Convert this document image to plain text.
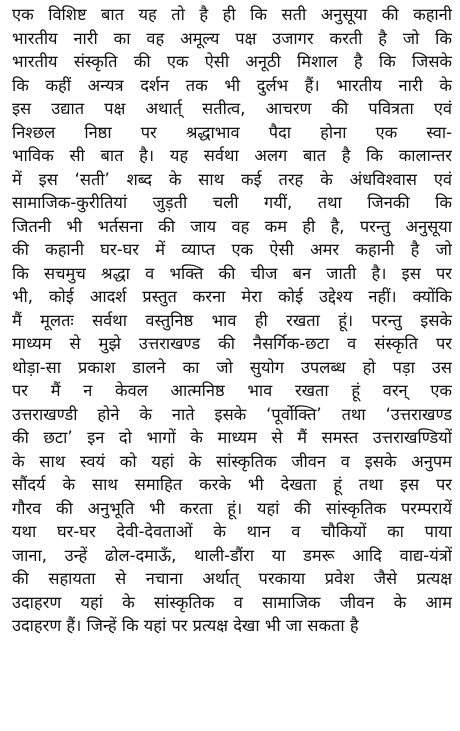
एक विशिष्ट बात यह तो है ही कि सती अनुसूया की कहानी
भारतीय नारी का वह अमूल्य पक्ष उजागर करती है जो कि
भारतीय संस्कृति की एक ऐसी अनूठी मिशाल है कि जिसके
कि कहीं अन्यत्र दर्शन तक भी दुर्लभ हैं। भारतीय नारी के
इस उद्यात पक्ष अथार्त् सतीत्व, आचरण की पवित्रता एवं
निश्छल निष्ठा पर श्रद्धाभाव पैदा होना एक स्वा-
भाविक सी बात है। यह सर्वथा अलग बात है कि कालान्तर
में इस ‘सती’ शब्द के साथ कई तरह के अंधविश्वास एवं
सामाजिक-कुरीतियां जुड़ती चली गयीं, तथा जिनकी कि
जितनी भी भर्तसना की जाय वह कम ही है, परन्तु अनुसूया
की कहानी घर-घर में व्याप्त एक ऐसी अमर कहानी है जो
कि सचमुच श्रद्धा व भक्ति की चीज बन जाती है। इस पर
भी, कोई आदर्श प्रस्तुत करना मेरा कोई उद्देश्य नहीं। क्योंकि
मैं मूलतः सर्वथा वस्तुनिष्ठ भाव ही रखता हूं। परन्तु इसके
माध्यम से मुझे उत्तराखण्ड की नैसर्गिक-छटा व संस्कृति पर
थोड़ा-सा प्रकाश डालने का जो सुयोग उपलब्ध हो पड़ा उस
पर मैं न केवल आत्मनिष्ठ भाव रखता हूं वरन् एक
उत्तराखण्डी होने के नाते इसके ‘पूर्वोक्ति’ तथा ‘उत्तराखण्ड
की छटा’ इन दो भागों के माध्यम से मैं समस्त उत्तराखण्डियों
के साथ स्वयं को यहां के सांस्कृतिक जीवन व इसके अनुपम
सौंदर्य के साथ समाहित करके भी देखता हूं तथा इस पर
गौरव की अनुभूति भी करता हूं। यहां की सांस्कृतिक परम्परायें
यथा घर-घर देवी-देवताओं के थान व चौकियों का पाया
जाना, उन्हें ढोल-दमाऊँ, थाली-डौंरा या डमरू आदि वाद्य-यंत्रों
की सहायता से नचाना अर्थात् परकाया प्रवेश जैसे प्रत्यक्ष
उदाहरण यहां के सांस्कृतिक व सामाजिक जीवन के आम
उदाहरण हैं। जिन्हें कि यहां पर प्रत्यक्ष देखा भी जा सकता है
